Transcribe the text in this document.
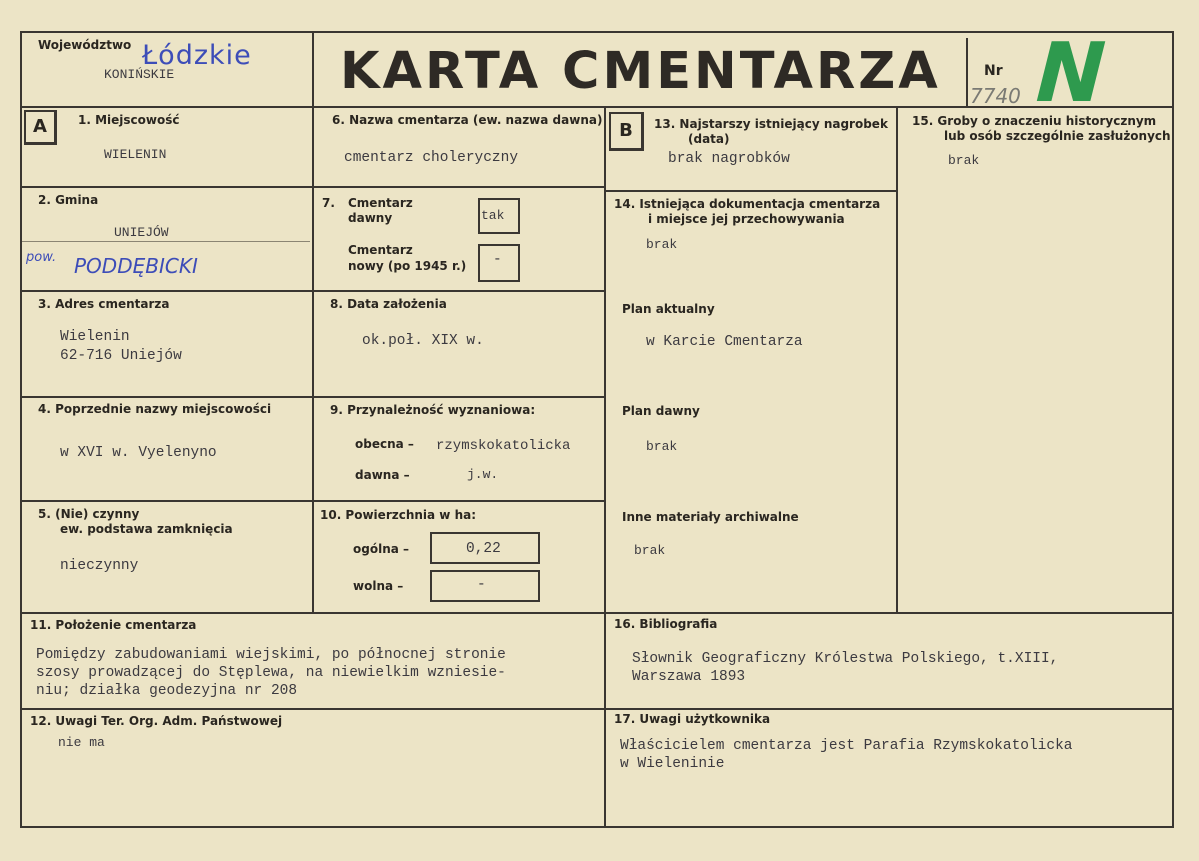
Województwo Łódzkie
KONIŃSKIE	KARTA CMENTARZA	Nr
7740 N
A	B
1. Miejscowość
WIELENIN
2. Gmina
UNIEJÓW
pow. PODDĘBICKI
3. Adres cmentarza
Wielenin
62-716 Uniejów
4. Poprzednie nazwy miejscowości
w XVI w. Vyelenyno
5. (Nie) czynny
ew. podstawa zamknięcia
nieczynny
6. Nazwa cmentarza (ew. nazwa dawna)
cmentarz choleryczny
7. Cmentarz
dawny	tak
Cmentarz
nowy (po 1945 r.) -
8. Data założenia
ok.poł. XIX w.
9. Przynależność wyznaniowa:
obecna – rzymskokatolicka
dawna –	j.w.
10. Powierzchnia w ha:
ogólna –	0,22
wolna –	-
11. Położenie cmentarza
Pomiędzy zabudowaniami wiejskimi, po północnej stronie
szosy prowadzącej do Stęplewa, na niewielkim wzniesie-
niu; działka geodezyjna nr 208
12. Uwagi Ter. Org. Adm. Państwowej
nie ma
13. Najstarszy istniejący nagrobek
(data)
brak nagrobków
14. Istniejąca dokumentacja cmentarza
i miejsce jej przechowywania
brak
Plan aktualny
w Karcie Cmentarza
Plan dawny
brak
Inne materiały archiwalne
brak
15. Groby o znaczeniu historycznym
lub osób szczególnie zasłużonych
brak
16. Bibliografia
Słownik Geograficzny Królestwa Polskiego, t.XIII,
Warszawa 1893
17. Uwagi użytkownika
Właścicielem cmentarza jest Parafia Rzymskokatolicka
w Wieleninie
